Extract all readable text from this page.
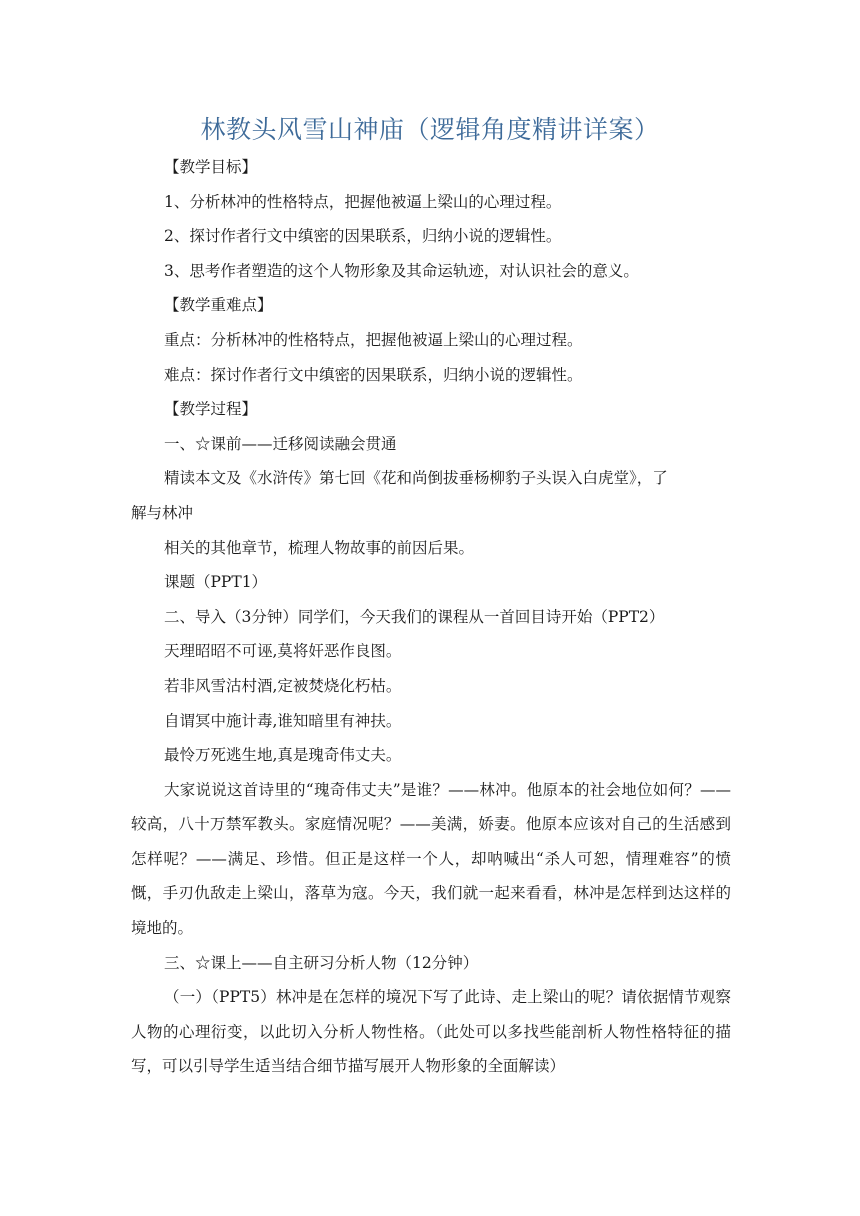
林教头风雪山神庙（逻辑角度精讲详案）
【教学目标】
1、分析林冲的性格特点，把握他被逼上梁山的心理过程。
2、探讨作者行文中缜密的因果联系，归纳小说的逻辑性。
3、思考作者塑造的这个人物形象及其命运轨迹，对认识社会的意义。
【教学重难点】
重点：分析林冲的性格特点，把握他被逼上梁山的心理过程。
难点：探讨作者行文中缜密的因果联系，归纳小说的逻辑性。
【教学过程】
一、☆课前——迁移阅读融会贯通
精读本文及《水浒传》第七回《花和尚倒拔垂杨柳豹子头误入白虎堂》，了
解与林冲
相关的其他章节，梳理人物故事的前因后果。
课题（PPT1）
二、导入（3分钟）同学们，今天我们的课程从一首回目诗开始（PPT2）
天理昭昭不可诬,莫将奸恶作良图。
若非风雪沽村酒,定被焚烧化朽枯。
自谓冥中施计毒,谁知暗里有神扶。
最怜万死逃生地,真是瑰奇伟丈夫。
大家说说这首诗里的“瑰奇伟丈夫”是谁？——林冲。他原本的社会地位如何？——较高，八十万禁军教头。家庭情况呢？——美满，娇妻。他原本应该对自己的生活感到怎样呢？——满足、珍惜。但正是这样一个人，却呐喊出“杀人可恕，情理难容”的愤慨，手刃仇敌走上梁山，落草为寇。今天，我们就一起来看看，林冲是怎样到达这样的境地的。
三、☆课上——自主研习分析人物（12分钟）
（一）（PPT5）林冲是在怎样的境况下写了此诗、走上梁山的呢？请依据情节观察人物的心理衍变，以此切入分析人物性格。（此处可以多找些能剖析人物性格特征的描写，可以引导学生适当结合细节描写展开人物形象的全面解读）
